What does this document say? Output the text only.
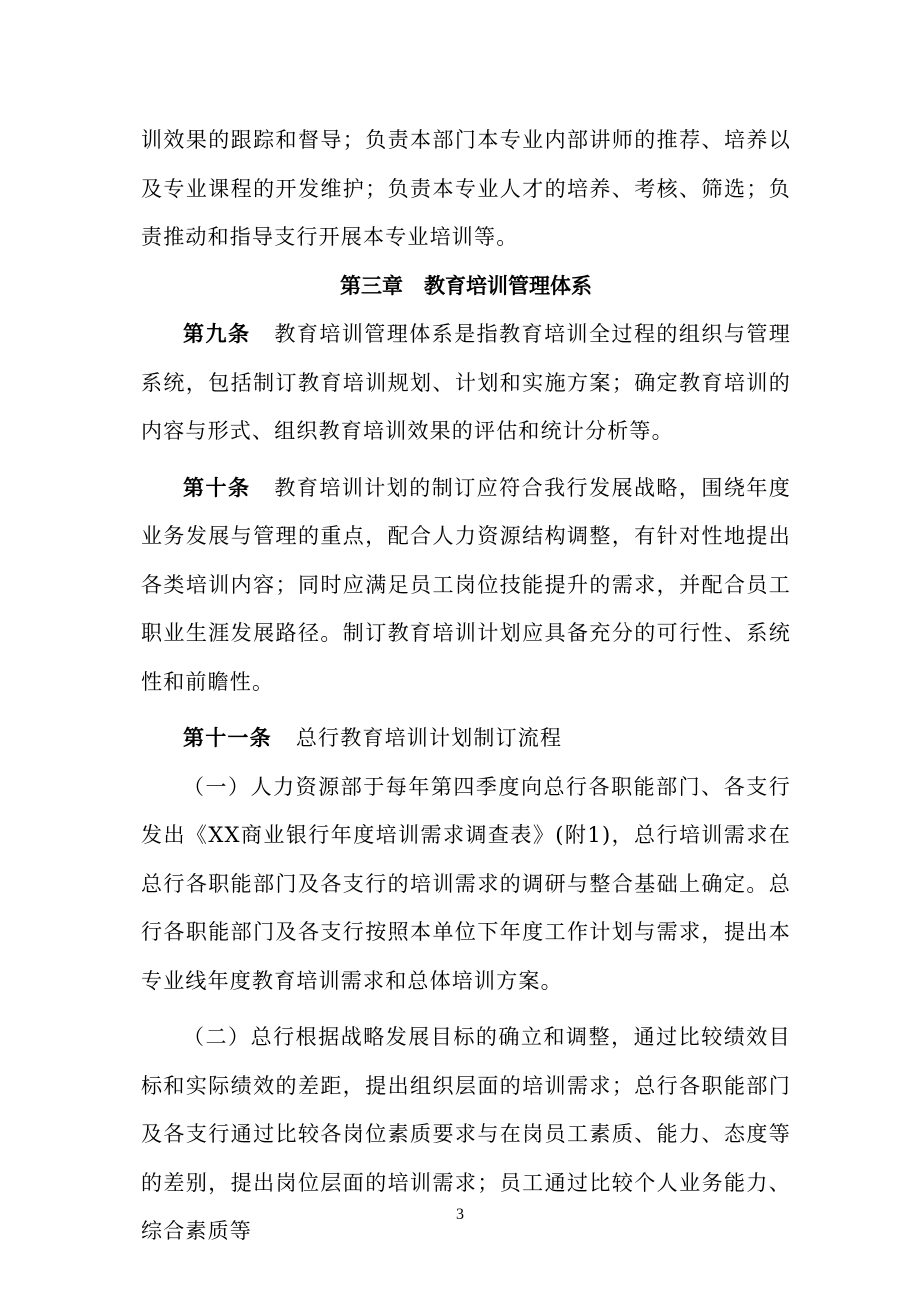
训效果的跟踪和督导；负责本部门本专业内部讲师的推荐、培养以及专业课程的开发维护；负责本专业人才的培养、考核、筛选；负责推动和指导支行开展本专业培训等。

第三章　教育培训管理体系

第九条 教育培训管理体系是指教育培训全过程的组织与管理系统，包括制订教育培训规划、计划和实施方案；确定教育培训的内容与形式、组织教育培训效果的评估和统计分析等。

第十条 教育培训计划的制订应符合我行发展战略，围绕年度业务发展与管理的重点，配合人力资源结构调整，有针对性地提出各类培训内容；同时应满足员工岗位技能提升的需求，并配合员工职业生涯发展路径。制订教育培训计划应具备充分的可行性、系统性和前瞻性。

第十一条 总行教育培训计划制订流程

（一）人力资源部于每年第四季度向总行各职能部门、各支行发出《XX商业银行年度培训需求调查表》(附1)，总行培训需求在总行各职能部门及各支行的培训需求的调研与整合基础上确定。总行各职能部门及各支行按照本单位下年度工作计划与需求，提出本专业线年度教育培训需求和总体培训方案。

（二）总行根据战略发展目标的确立和调整，通过比较绩效目标和实际绩效的差距，提出组织层面的培训需求；总行各职能部门及各支行通过比较各岗位素质要求与在岗员工素质、能力、态度等的差别，提出岗位层面的培训需求；员工通过比较个人业务能力、综合素质等

3
